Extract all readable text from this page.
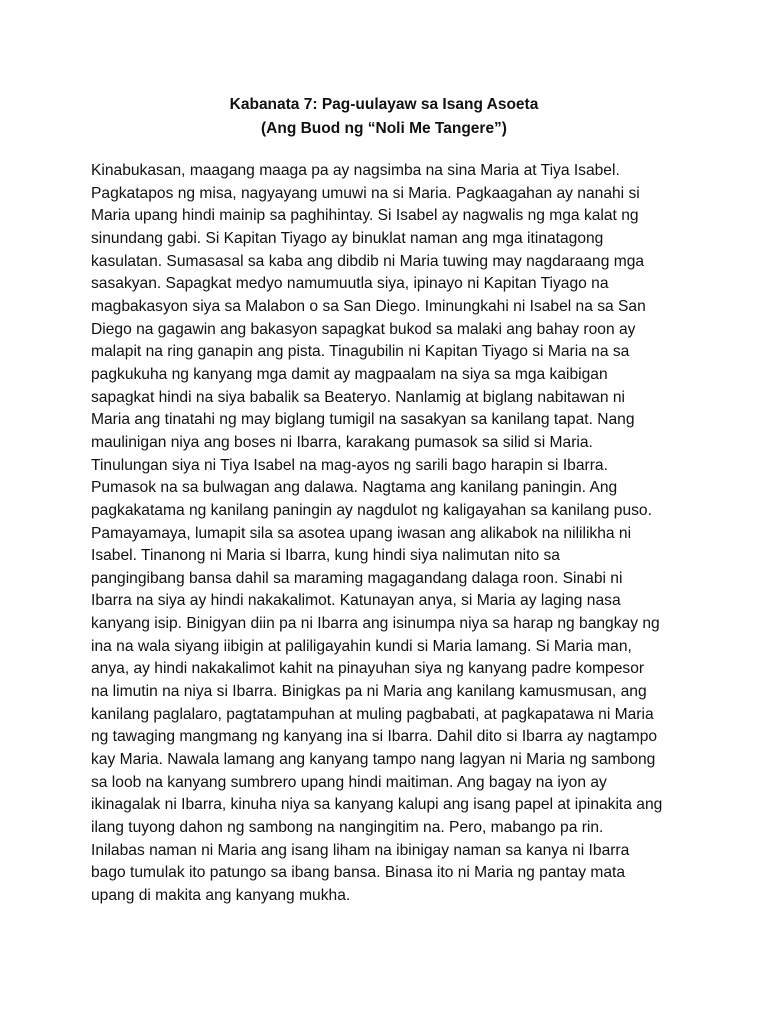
Kabanata 7: Pag-uulayaw sa Isang Asoeta
(Ang Buod ng “Noli Me Tangere”)
Kinabukasan, maagang maaga pa ay nagsimba na sina Maria at Tiya Isabel.
Pagkatapos ng misa, nagyayang umuwi na si Maria. Pagkaagahan ay nanahi si
Maria upang hindi mainip sa paghihintay. Si Isabel ay nagwalis ng mga kalat ng
sinundang gabi. Si Kapitan Tiyago ay binuklat naman ang mga itinatagong
kasulatan. Sumasasal sa kaba ang dibdib ni Maria tuwing may nagdaraang mga
sasakyan. Sapagkat medyo namumuutla siya, ipinayo ni Kapitan Tiyago na
magbakasyon siya sa Malabon o sa San Diego. Iminungkahi ni Isabel na sa San
Diego na gagawin ang bakasyon sapagkat bukod sa malaki ang bahay roon ay
malapit na ring ganapin ang pista. Tinagubilin ni Kapitan Tiyago si Maria na sa
pagkukuha ng kanyang mga damit ay magpaalam na siya sa mga kaibigan
sapagkat hindi na siya babalik sa Beateryo. Nanlamig at biglang nabitawan ni
Maria ang tinatahi ng may biglang tumigil na sasakyan sa kanilang tapat. Nang
maulinigan niya ang boses ni Ibarra, karakang pumasok sa silid si Maria.
Tinulungan siya ni Tiya Isabel na mag-ayos ng sarili bago harapin si Ibarra.
Pumasok na sa bulwagan ang dalawa. Nagtama ang kanilang paningin. Ang
pagkakatama ng kanilang paningin ay nagdulot ng kaligayahan sa kanilang puso.
Pamayamaya, lumapit sila sa asotea upang iwasan ang alikabok na nililikha ni
Isabel. Tinanong ni Maria si Ibarra, kung hindi siya nalimutan nito sa
pangingibang bansa dahil sa maraming magagandang dalaga roon. Sinabi ni
Ibarra na siya ay hindi nakakalimot. Katunayan anya, si Maria ay laging nasa
kanyang isip. Binigyan diin pa ni Ibarra ang isinumpa niya sa harap ng bangkay ng
ina na wala siyang iibigin at paliligayahin kundi si Maria lamang. Si Maria man,
anya, ay hindi nakakalimot kahit na pinayuhan siya ng kanyang padre kompesor
na limutin na niya si Ibarra. Binigkas pa ni Maria ang kanilang kamusmusan, ang
kanilang paglalaro, pagtatampuhan at muling pagbabati, at pagkapatawa ni Maria
ng tawaging mangmang ng kanyang ina si Ibarra. Dahil dito si Ibarra ay nagtampo
kay Maria. Nawala lamang ang kanyang tampo nang lagyan ni Maria ng sambong
sa loob na kanyang sumbrero upang hindi maitiman. Ang bagay na iyon ay
ikinagalak ni Ibarra, kinuha niya sa kanyang kalupi ang isang papel at ipinakita ang
ilang tuyong dahon ng sambong na nangingitim na. Pero, mabango pa rin.
Inilabas naman ni Maria ang isang liham na ibinigay naman sa kanya ni Ibarra
bago tumulak ito patungo sa ibang bansa. Binasa ito ni Maria ng pantay mata
upang di makita ang kanyang mukha.
